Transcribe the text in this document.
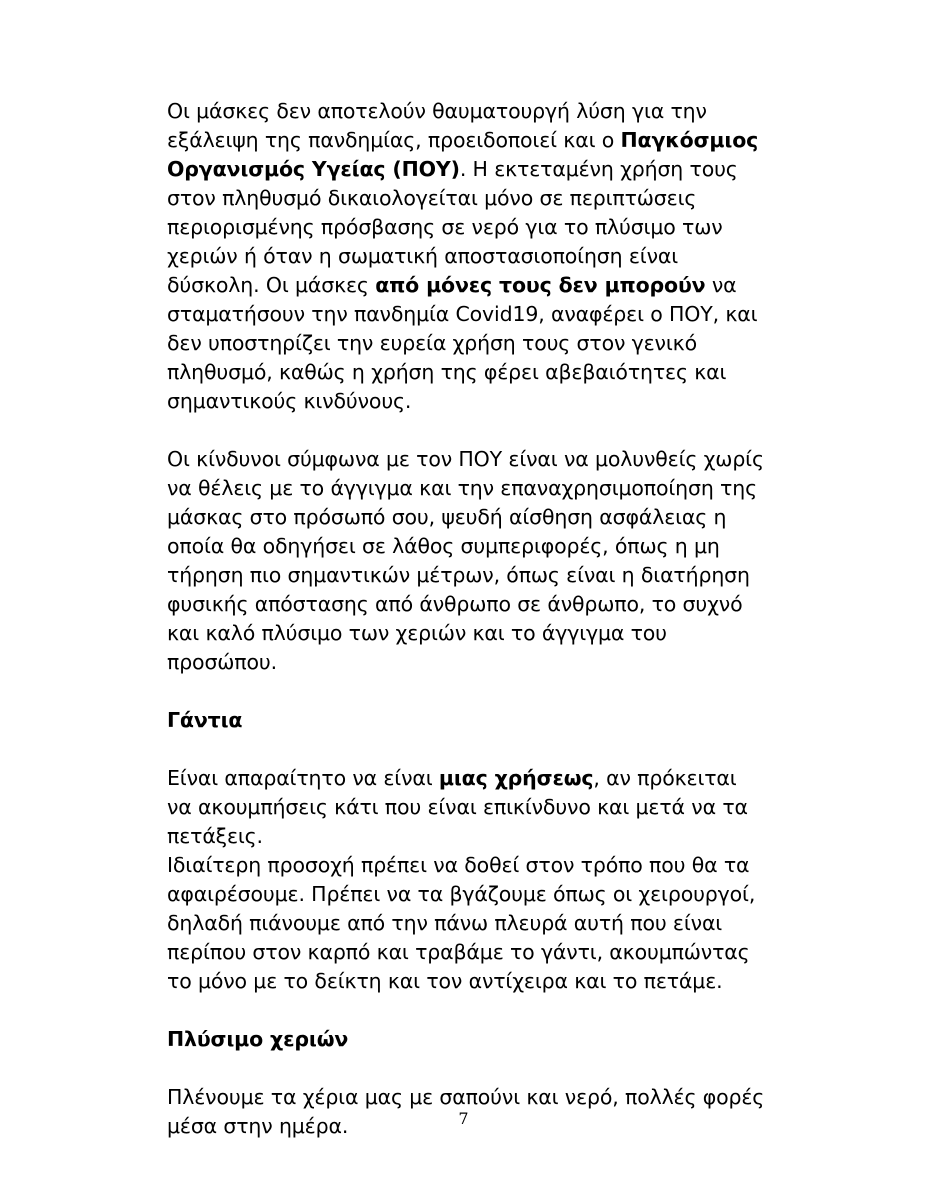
Οι μάσκες δεν αποτελούν θαυματουργή λύση για την εξάλειψη της πανδημίας, προειδοποιεί και ο Παγκόσμιος Οργανισμός Υγείας (ΠΟΥ). Η εκτεταμένη χρήση τους στον πληθυσμό δικαιολογείται μόνο σε περιπτώσεις περιορισμένης πρόσβασης σε νερό για το πλύσιμο των χεριών ή όταν η σωματική αποστασιοποίηση είναι δύσκολη. Οι μάσκες από μόνες τους δεν μπορούν να σταματήσουν την πανδημία Covid19, αναφέρει ο ΠΟΥ, και δεν υποστηρίζει την ευρεία χρήση τους στον γενικό πληθυσμό, καθώς η χρήση της φέρει αβεβαιότητες και σημαντικούς κινδύνους.

Οι κίνδυνοι σύμφωνα με τον ΠΟΥ είναι να μολυνθείς χωρίς να θέλεις με το άγγιγμα και την επαναχρησιμοποίηση της μάσκας στο πρόσωπό σου, ψευδή αίσθηση ασφάλειας η οποία θα οδηγήσει σε λάθος συμπεριφορές, όπως η μη τήρηση πιο σημαντικών μέτρων, όπως είναι η διατήρηση φυσικής απόστασης από άνθρωπο σε άνθρωπο, το συχνό και καλό πλύσιμο των χεριών και το άγγιγμα του προσώπου.

Γάντια

Είναι απαραίτητο να είναι μιας χρήσεως, αν πρόκειται να ακουμπήσεις κάτι που είναι επικίνδυνο και μετά να τα πετάξεις.

Ιδιαίτερη προσοχή πρέπει να δοθεί στον τρόπο που θα τα αφαιρέσουμε. Πρέπει να τα βγάζουμε όπως οι χειρουργοί, δηλαδή πιάνουμε από την πάνω πλευρά αυτή που είναι περίπου στον καρπό και τραβάμε το γάντι, ακουμπώντας το μόνο με το δείκτη και τον αντίχειρα και το πετάμε.

Πλύσιμο χεριών

Πλένουμε τα χέρια μας με σαπούνι και νερό, πολλές φορές μέσα στην ημέρα.	7
